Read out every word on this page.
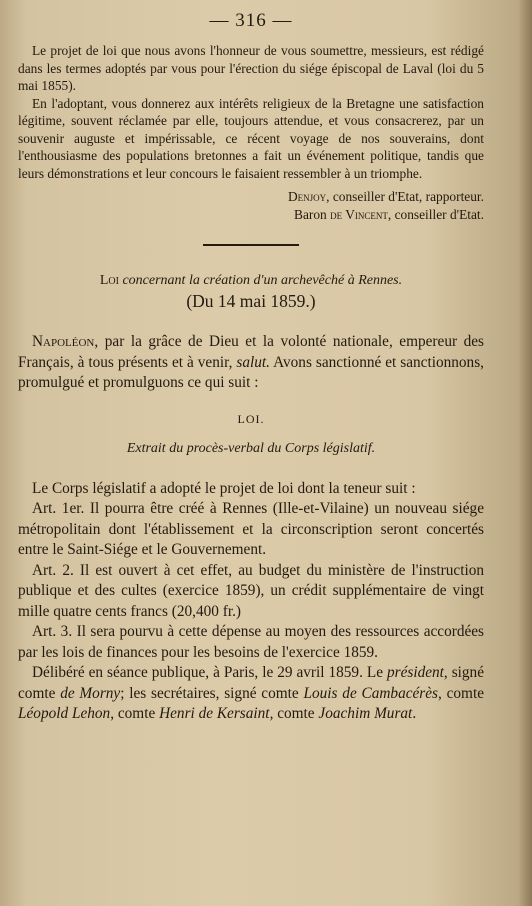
— 316 —

Le projet de loi que nous avons l'honneur de vous soumettre, messieurs, est rédigé dans les termes adoptés par vous pour l'érection du siége épiscopal de Laval (loi du 5 mai 1855).

En l'adoptant, vous donnerez aux intérêts religieux de la Bretagne une satisfaction légitime, souvent réclamée par elle, toujours attendue, et vous consacrerez, par un souvenir auguste et impérissable, ce récent voyage de nos souverains, dont l'enthousiasme des populations bretonnes a fait un événement politique, tandis que leurs démonstrations et leur concours le faisaient ressembler à un triomphe.

Denjoy, conseiller d'Etat, rapporteur.

Baron de Vincent, conseiller d'Etat.

Loi concernant la création d'un archevêché à Rennes.

(Du 14 mai 1859.)

Napoléon, par la grâce de Dieu et la volonté nationale, empereur des Français, à tous présents et à venir, salut. Avons sanctionné et sanctionnons, promulgué et promulguons ce qui suit :

LOI.

Extrait du procès-verbal du Corps législatif.

Le Corps législatif a adopté le projet de loi dont la teneur suit :

Art. 1er. Il pourra être créé à Rennes (Ille-et-Vilaine) un nouveau siége métropolitain dont l'établissement et la circonscription seront concertés entre le Saint-Siége et le Gouvernement.

Art. 2. Il est ouvert à cet effet, au budget du ministère de l'instruction publique et des cultes (exercice 1859), un crédit supplémentaire de vingt mille quatre cents francs (20,400 fr.)

Art. 3. Il sera pourvu à cette dépense au moyen des ressources accordées par les lois de finances pour les besoins de l'exercice 1859.

Délibéré en séance publique, à Paris, le 29 avril 1859. Le président, signé comte de Morny; les secrétaires, signé comte Louis de Cambacérès, comte Léopold Lehon, comte Henri de Kersaint, comte Joachim Murat.
